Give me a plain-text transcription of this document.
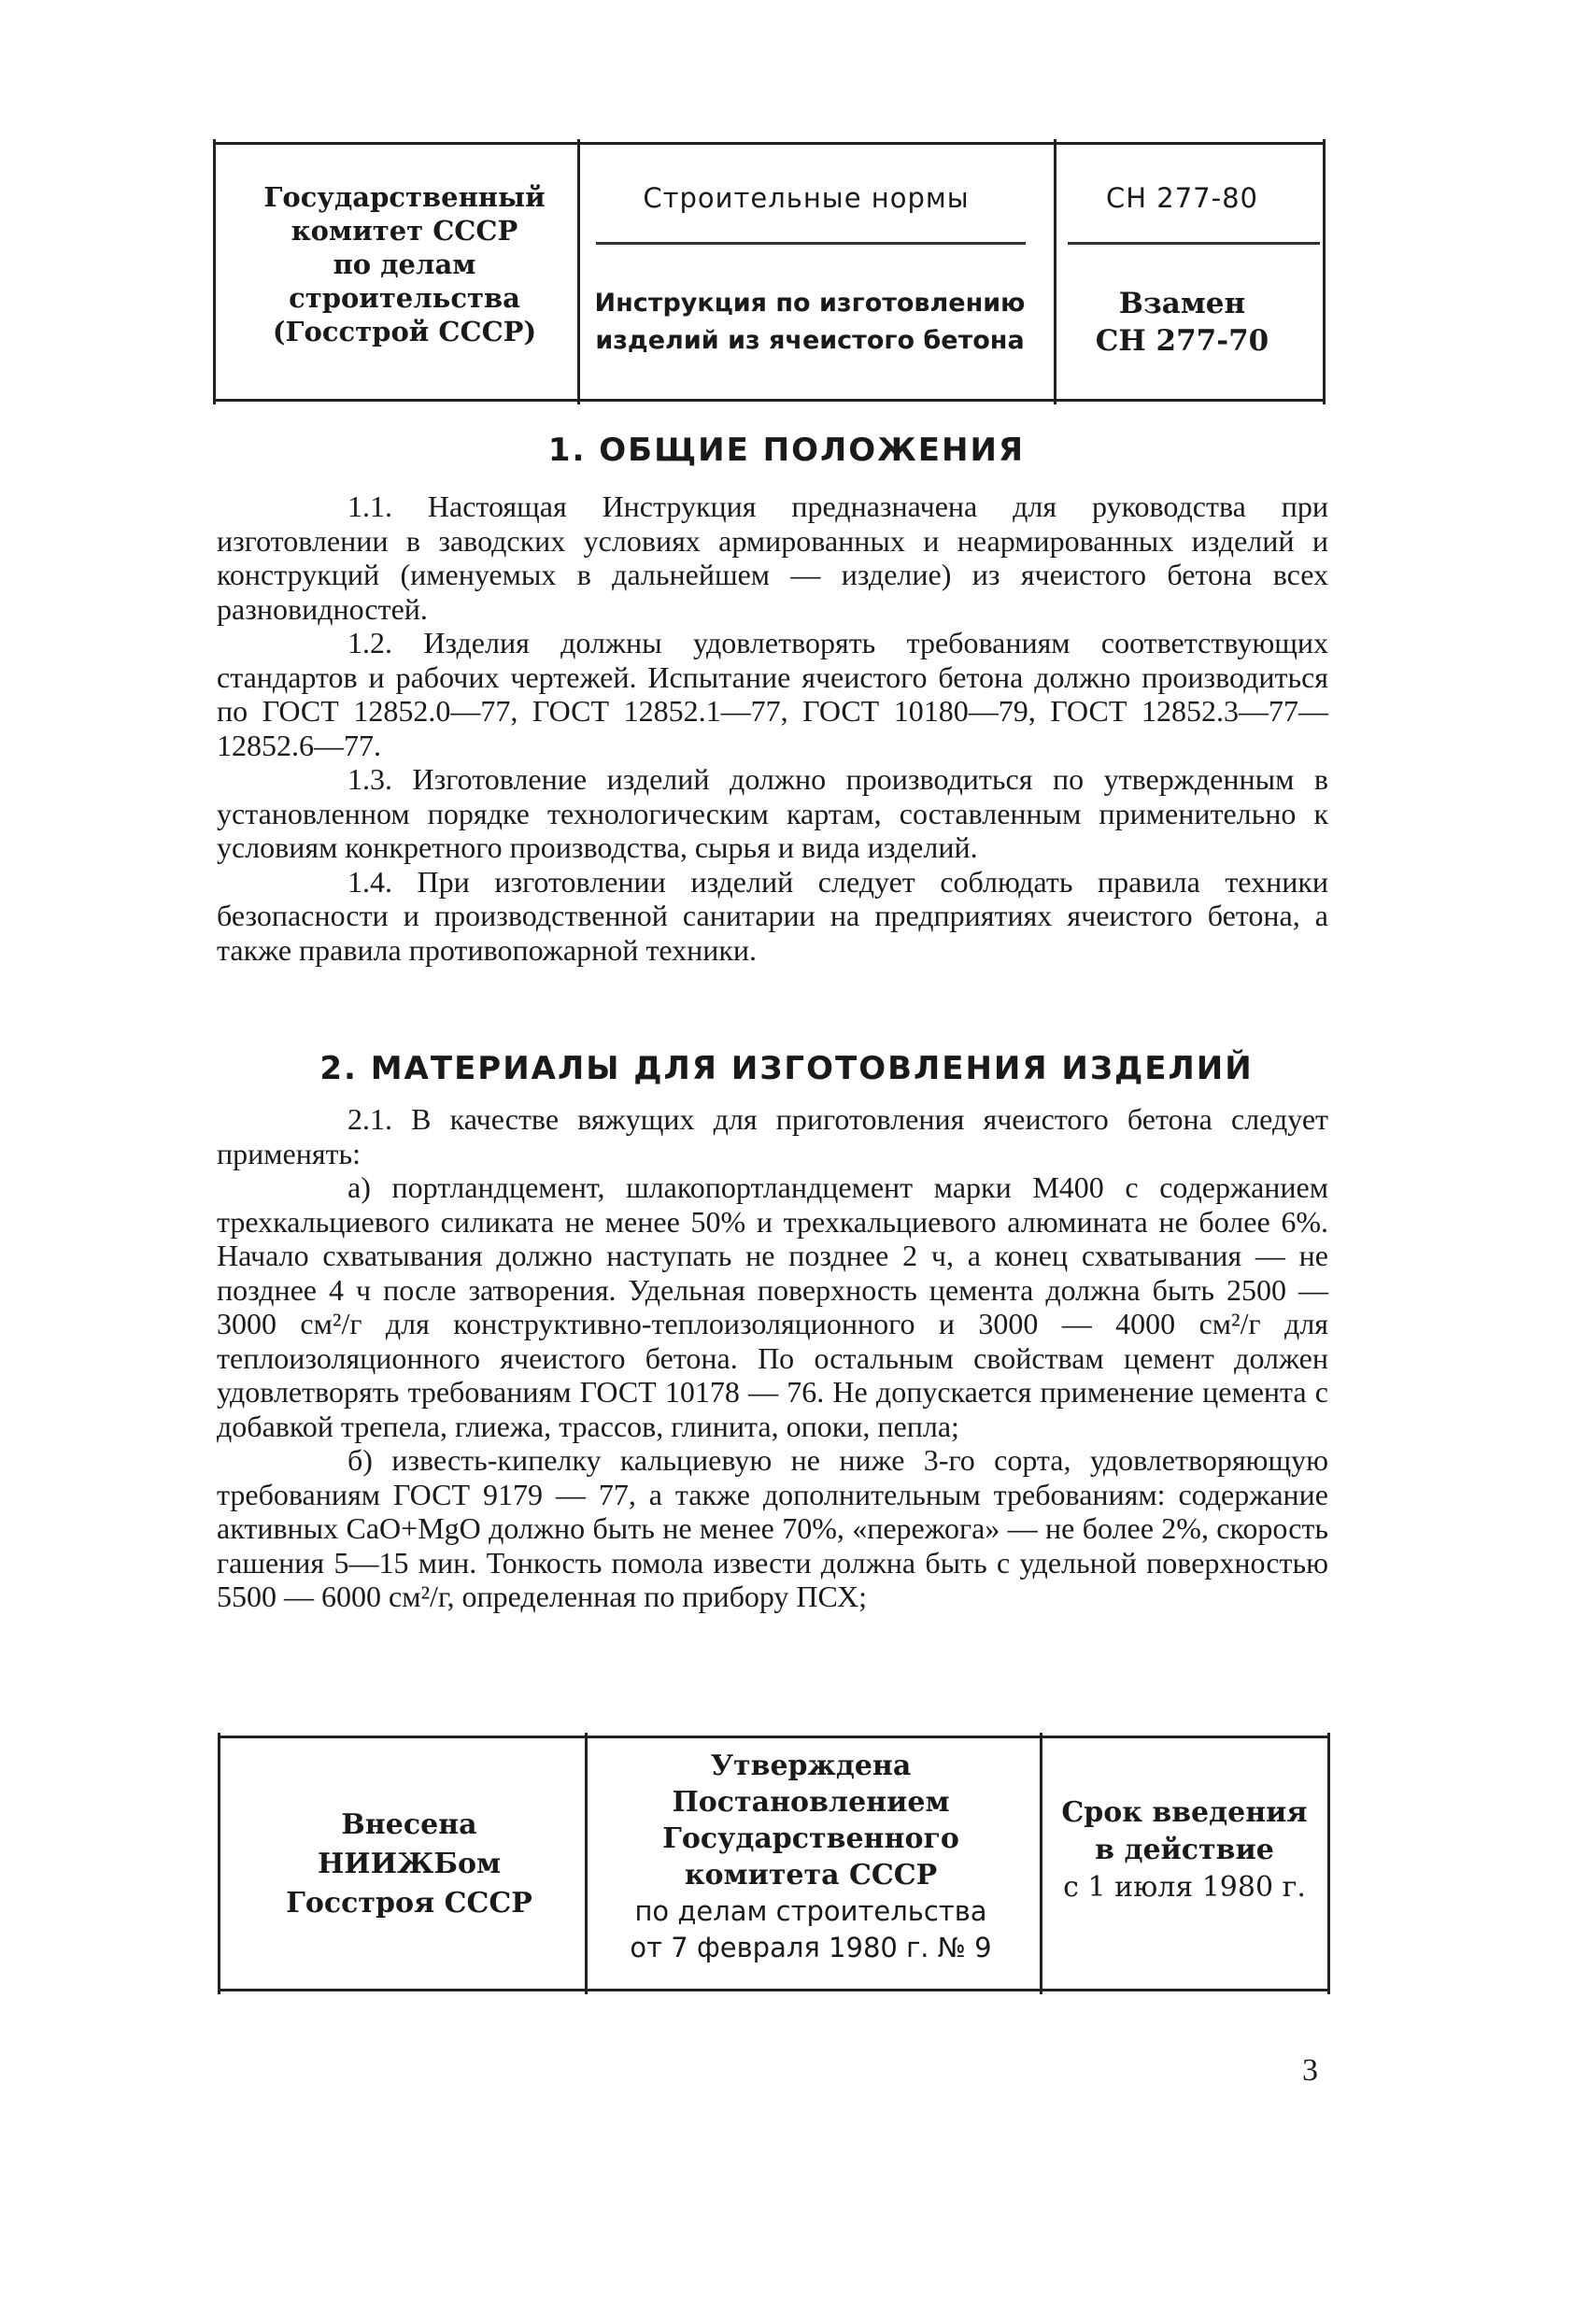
Государственный
комитет СССР
по делам
строительства
(Госстрой СССР)
Строительные нормы
Инструкция по изготовлению
изделий из ячеистого бетона
СН 277-80
Взамен
СН 277-70
1. ОБЩИЕ ПОЛОЖЕНИЯ

1.1. Настоящая Инструкция предназначена для руководства при изготовлении в заводских условиях армированных и неармированных изделий и конструкций (именуемых в дальнейшем — изделие) из ячеистого бетона всех разновидностей.

1.2. Изделия должны удовлетворять требованиям соответствующих стандартов и рабочих чертежей. Испытание ячеистого бетона должно производиться по ГОСТ 12852.0—77, ГОСТ 12852.1—77, ГОСТ 10180—79, ГОСТ 12852.3—77—12852.6—77.

1.3. Изготовление изделий должно производиться по утвержденным в установленном порядке технологическим картам, составленным применительно к условиям конкретного производства, сырья и вида изделий.

1.4. При изготовлении изделий следует соблюдать правила техники безопасности и производственной санитарии на предприятиях ячеистого бетона, а также правила противопожарной техники.

2. МАТЕРИАЛЫ ДЛЯ ИЗГОТОВЛЕНИЯ ИЗДЕЛИЙ

2.1. В качестве вяжущих для приготовления ячеистого бетона следует применять:

а) портландцемент, шлакопортландцемент марки М400 с содержанием трехкальциевого силиката не менее 50% и трехкальциевого алюмината не более 6%. Начало схватывания должно наступать не позднее 2 ч, а конец схватывания — не позднее 4 ч после затворения. Удельная поверхность цемента должна быть 2500 — 3000 см²/г для конструктивно-теплоизоляционного и 3000 — 4000 см²/г для теплоизоляционного ячеистого бетона. По остальным свойствам цемент должен удовлетворять требованиям ГОСТ 10178 — 76. Не допускается применение цемента с добавкой трепела, глиежа, трассов, глинита, опоки, пепла;

б) известь-кипелку кальциевую не ниже 3-го сорта, удовлетворяющую требованиям ГОСТ 9179 — 77, а также дополнительным требованиям: содержание активных CaO+MgO должно быть не менее 70%, «пережога» — не более 2%, скорость гашения 5—15 мин. Тонкость помола извести должна быть с удельной поверхностью 5500 — 6000 см²/г, определенная по прибору ПСХ;

Внесена
НИИЖБом
Госстроя СССР
Утверждена
Постановлением
Государственного
комитета СССР
по делам строительства
от 7 февраля 1980 г. № 9
Срок введения
в действие
с 1 июля 1980 г.
3
